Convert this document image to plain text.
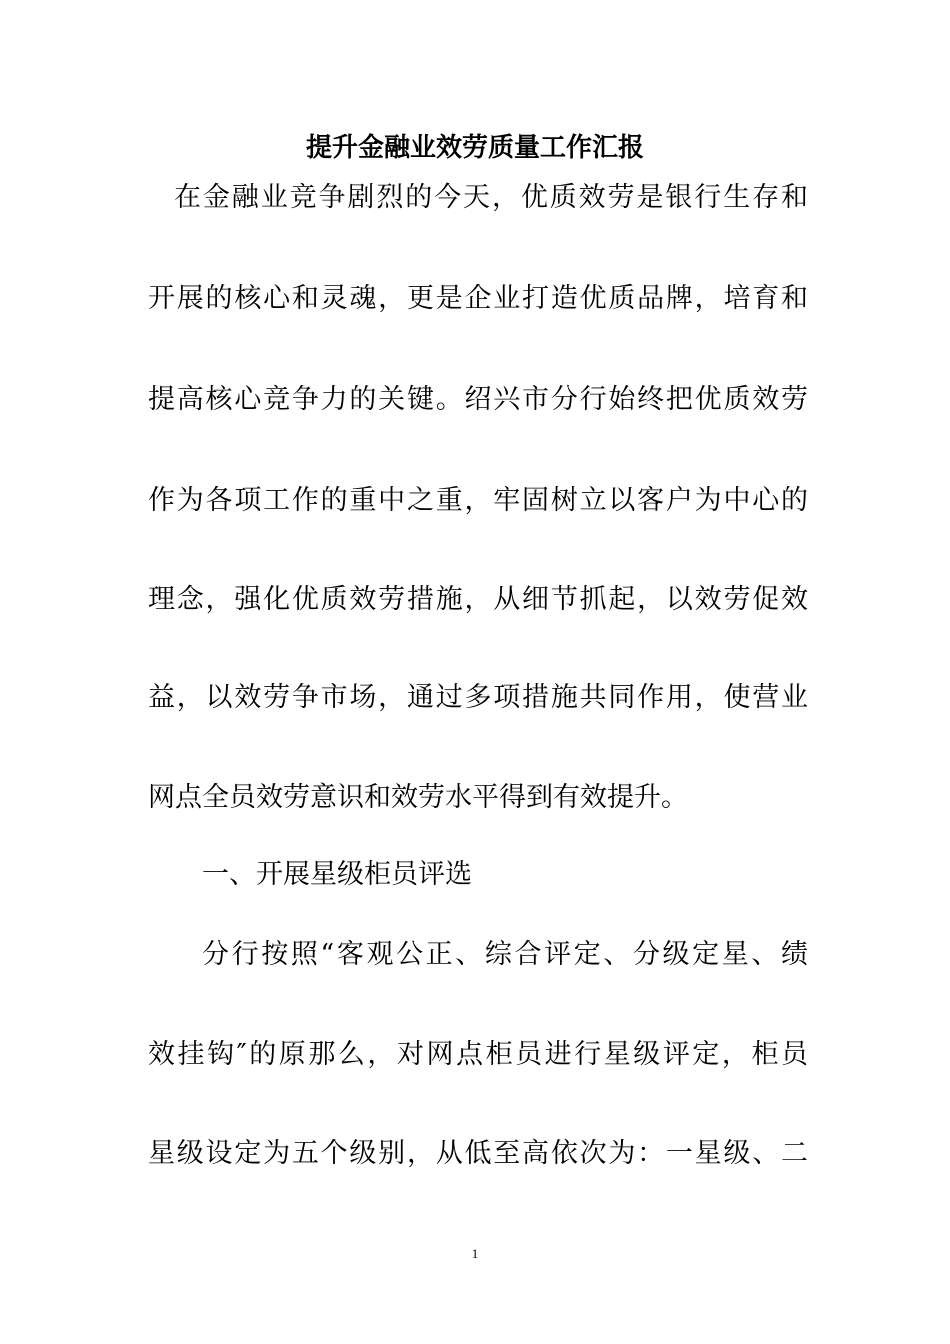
提升金融业效劳质量工作汇报
在金融业竞争剧烈的今天，优质效劳是银行生存和
开展的核心和灵魂，更是企业打造优质品牌，培育和
提高核心竞争力的关键。绍兴市分行始终把优质效劳
作为各项工作的重中之重，牢固树立以客户为中心的
理念，强化优质效劳措施，从细节抓起，以效劳促效
益，以效劳争市场，通过多项措施共同作用，使营业
网点全员效劳意识和效劳水平得到有效提升。
一、开展星级柜员评选
分行按照“客观公正、综合评定、分级定星、绩
效挂钩″的原那么，对网点柜员进行星级评定，柜员
星级设定为五个级别，从低至高依次为：一星级、二
1
